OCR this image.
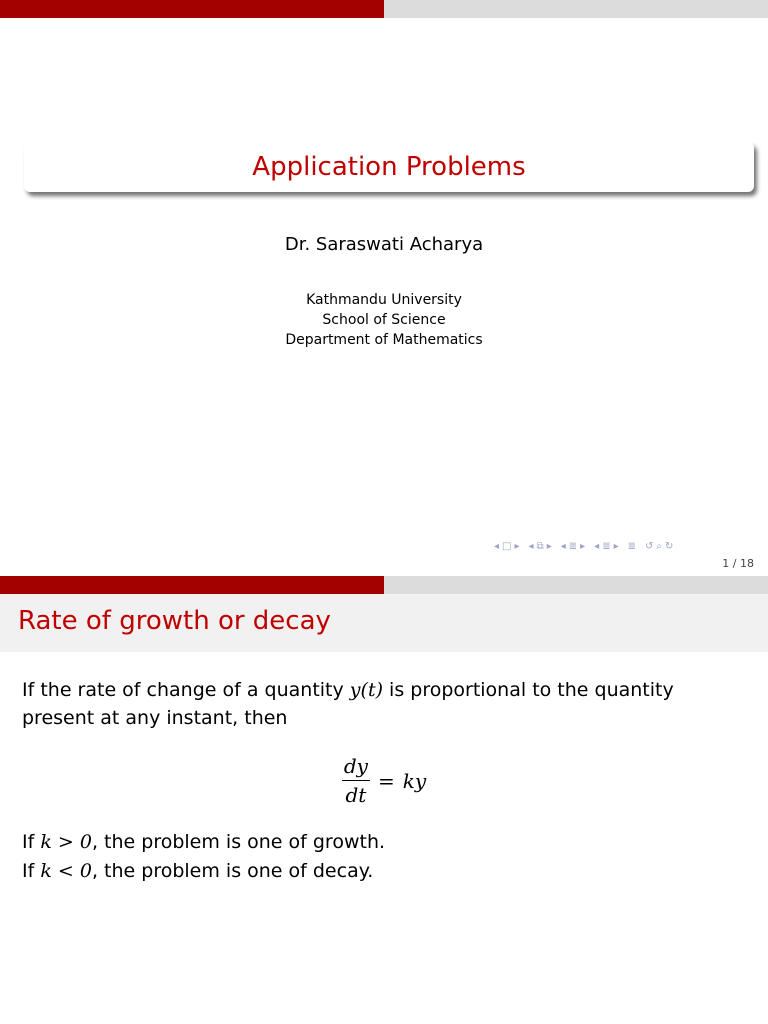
Application Problems
Dr. Saraswati Acharya
Kathmandu University
School of Science
Department of Mathematics
◂ □ ▸ ◂ ⧉ ▸ ◂ ≣ ▸ ◂ ≣ ▸ ≣ ↺ ⌕ ↻
1 / 18
Rate of growth or decay
If the rate of change of a quantity y(t) is proportional to the quantity present at any instant, then
$\frac{dy}{dt}$ = ky
If k > 0, the problem is one of growth.
If k < 0, the problem is one of decay.
